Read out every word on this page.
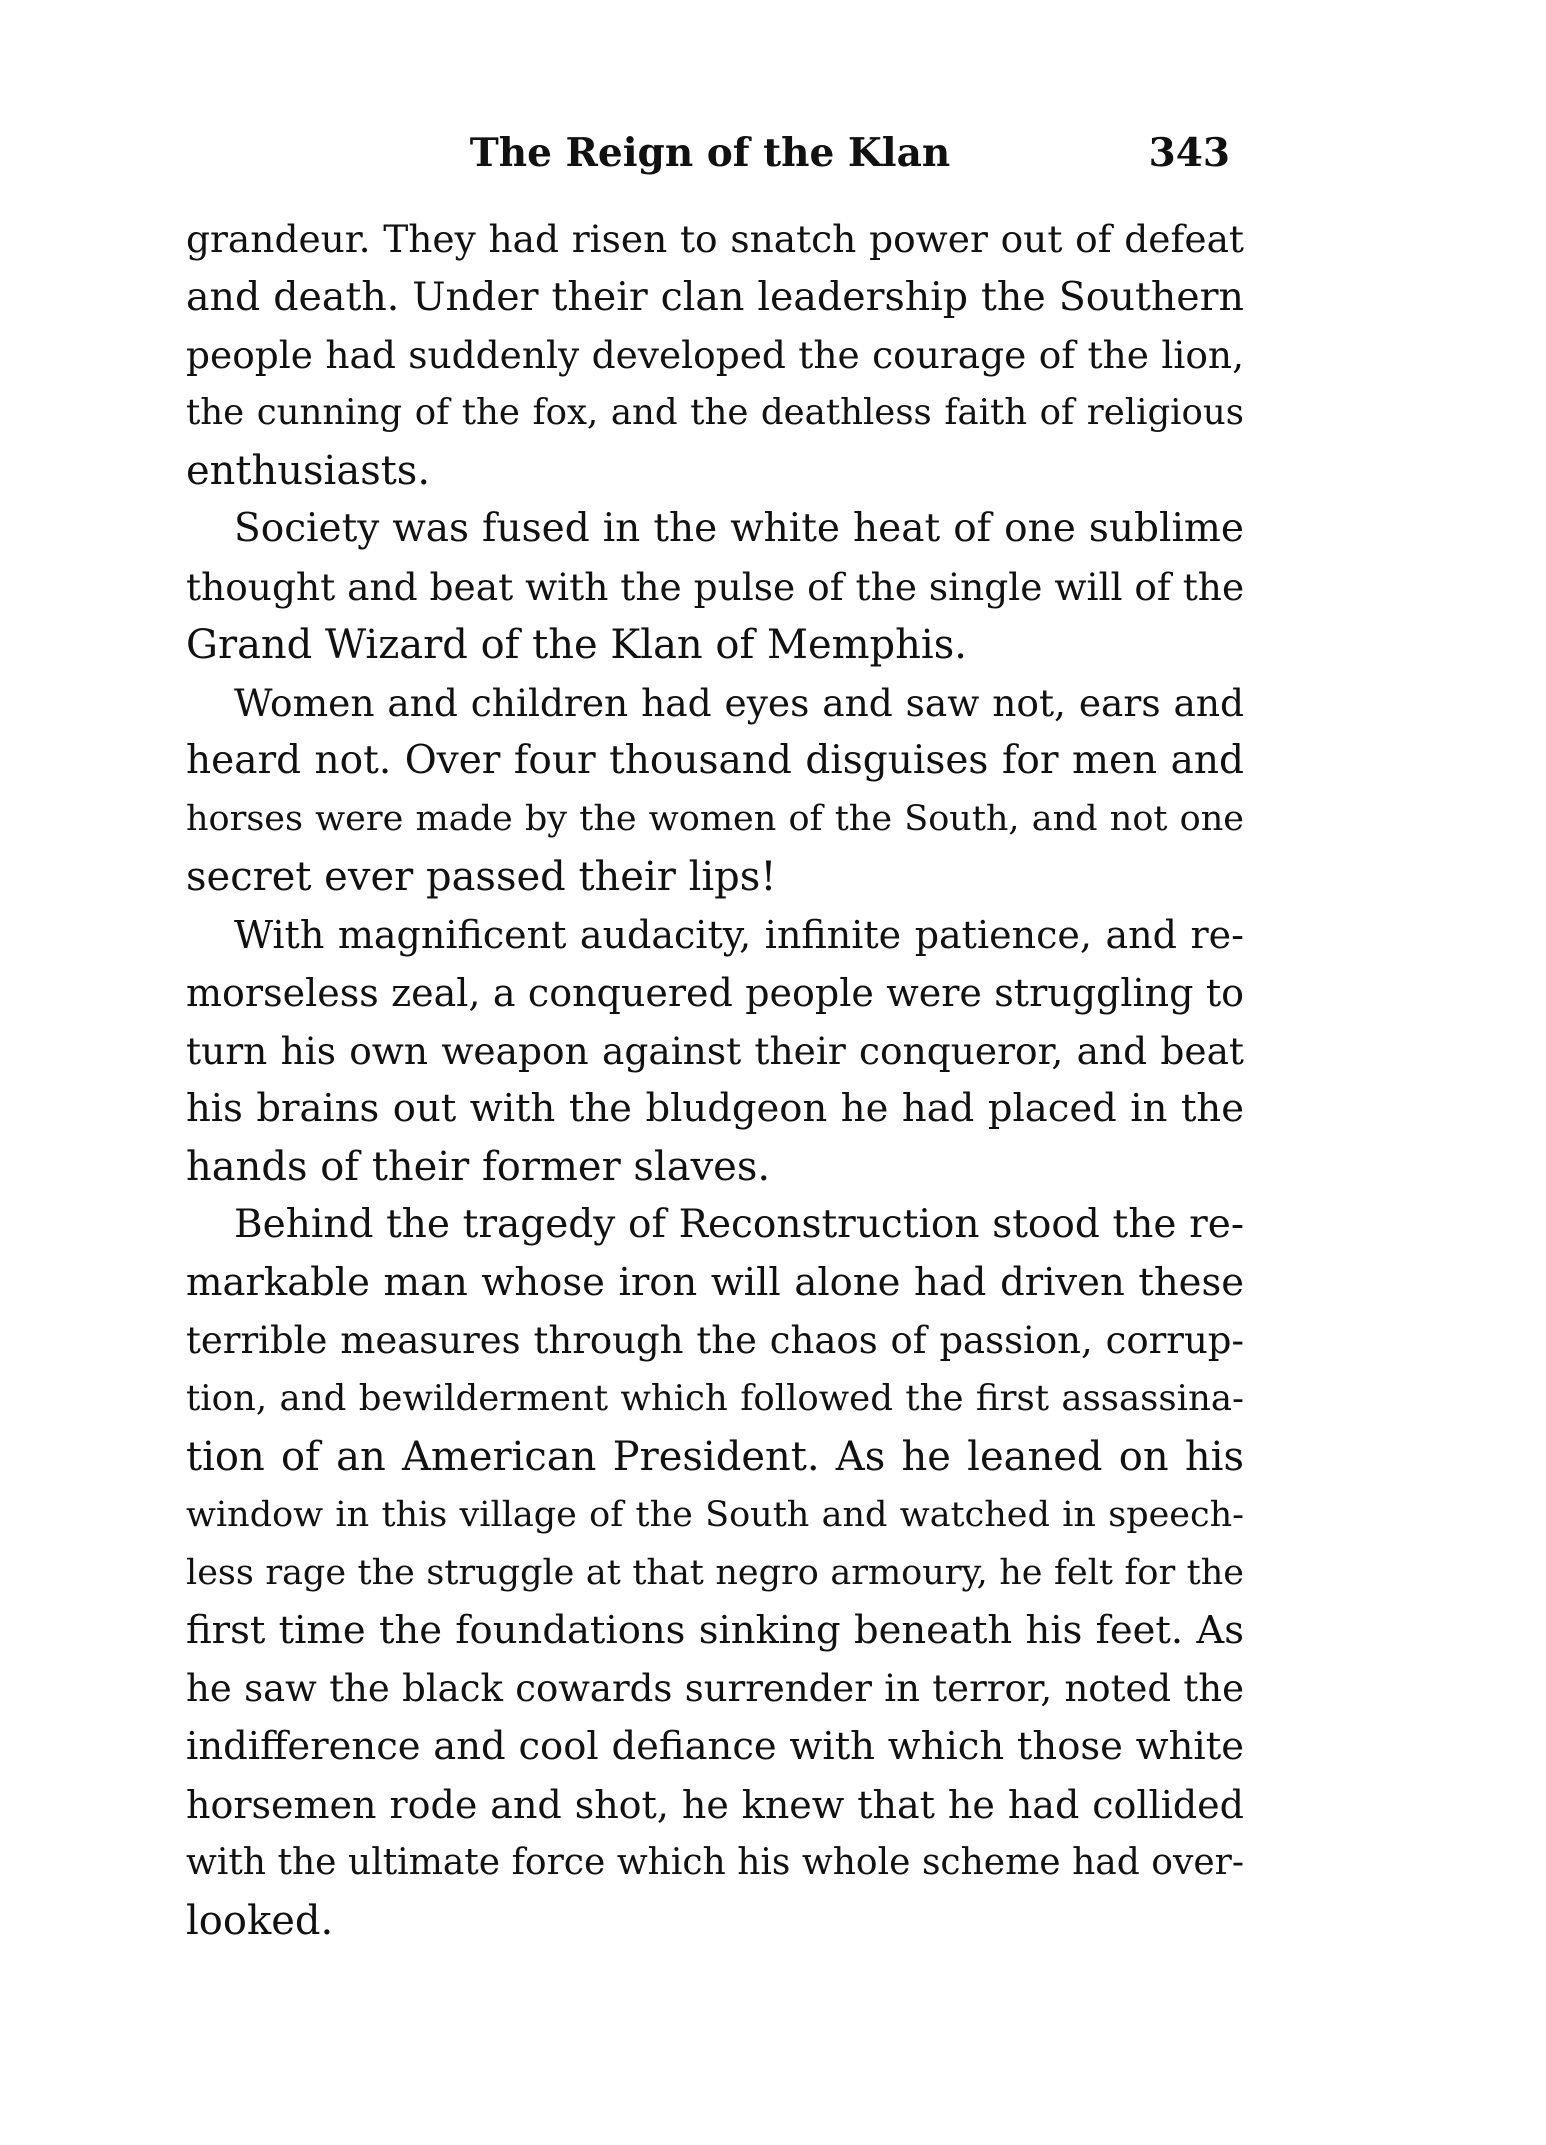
The Reign of the Klan	343
grandeur. They had risen to snatch power out of defeat
and death. Under their clan leadership the Southern
people had suddenly developed the courage of the lion,
the cunning of the fox, and the deathless faith of religious
enthusiasts.
Society was fused in the white heat of one sublime
thought and beat with the pulse of the single will of the
Grand Wizard of the Klan of Memphis.
Women and children had eyes and saw not, ears and
heard not. Over four thousand disguises for men and
horses were made by the women of the South, and not one
secret ever passed their lips!
With magnificent audacity, infinite patience, and re-
morseless zeal, a conquered people were struggling to
turn his own weapon against their conqueror, and beat
his brains out with the bludgeon he had placed in the
hands of their former slaves.
Behind the tragedy of Reconstruction stood the re-
markable man whose iron will alone had driven these
terrible measures through the chaos of passion, corrup-
tion, and bewilderment which followed the first assassina-
tion of an American President. As he leaned on his
window in this village of the South and watched in speech-
less rage the struggle at that negro armoury, he felt for the
first time the foundations sinking beneath his feet. As
he saw the black cowards surrender in terror, noted the
indifference and cool defiance with which those white
horsemen rode and shot, he knew that he had collided
with the ultimate force which his whole scheme had over-
looked.
